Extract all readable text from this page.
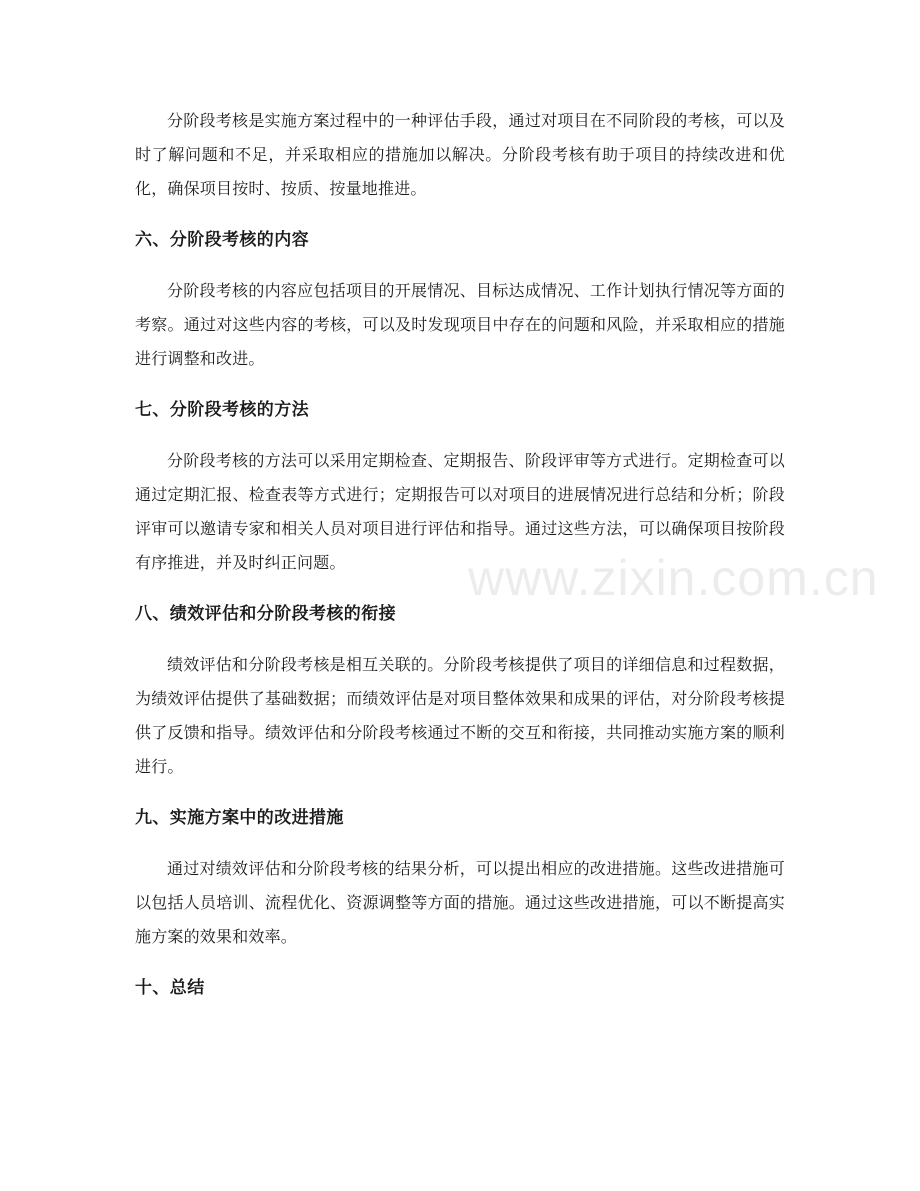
分阶段考核是实施方案过程中的一种评估手段，通过对项目在不同阶段的考核，可以及时了解问题和不足，并采取相应的措施加以解决。分阶段考核有助于项目的持续改进和优化，确保项目按时、按质、按量地推进。

六、分阶段考核的内容

分阶段考核的内容应包括项目的开展情况、目标达成情况、工作计划执行情况等方面的考察。通过对这些内容的考核，可以及时发现项目中存在的问题和风险，并采取相应的措施进行调整和改进。

七、分阶段考核的方法

分阶段考核的方法可以采用定期检查、定期报告、阶段评审等方式进行。定期检查可以通过定期汇报、检查表等方式进行；定期报告可以对项目的进展情况进行总结和分析；阶段评审可以邀请专家和相关人员对项目进行评估和指导。通过这些方法，可以确保项目按阶段有序推进，并及时纠正问题。

八、绩效评估和分阶段考核的衔接

绩效评估和分阶段考核是相互关联的。分阶段考核提供了项目的详细信息和过程数据，为绩效评估提供了基础数据；而绩效评估是对项目整体效果和成果的评估，对分阶段考核提供了反馈和指导。绩效评估和分阶段考核通过不断的交互和衔接，共同推动实施方案的顺利进行。

九、实施方案中的改进措施

通过对绩效评估和分阶段考核的结果分析，可以提出相应的改进措施。这些改进措施可以包括人员培训、流程优化、资源调整等方面的措施。通过这些改进措施，可以不断提高实施方案的效果和效率。

十、总结
www.zixin.com.cn
